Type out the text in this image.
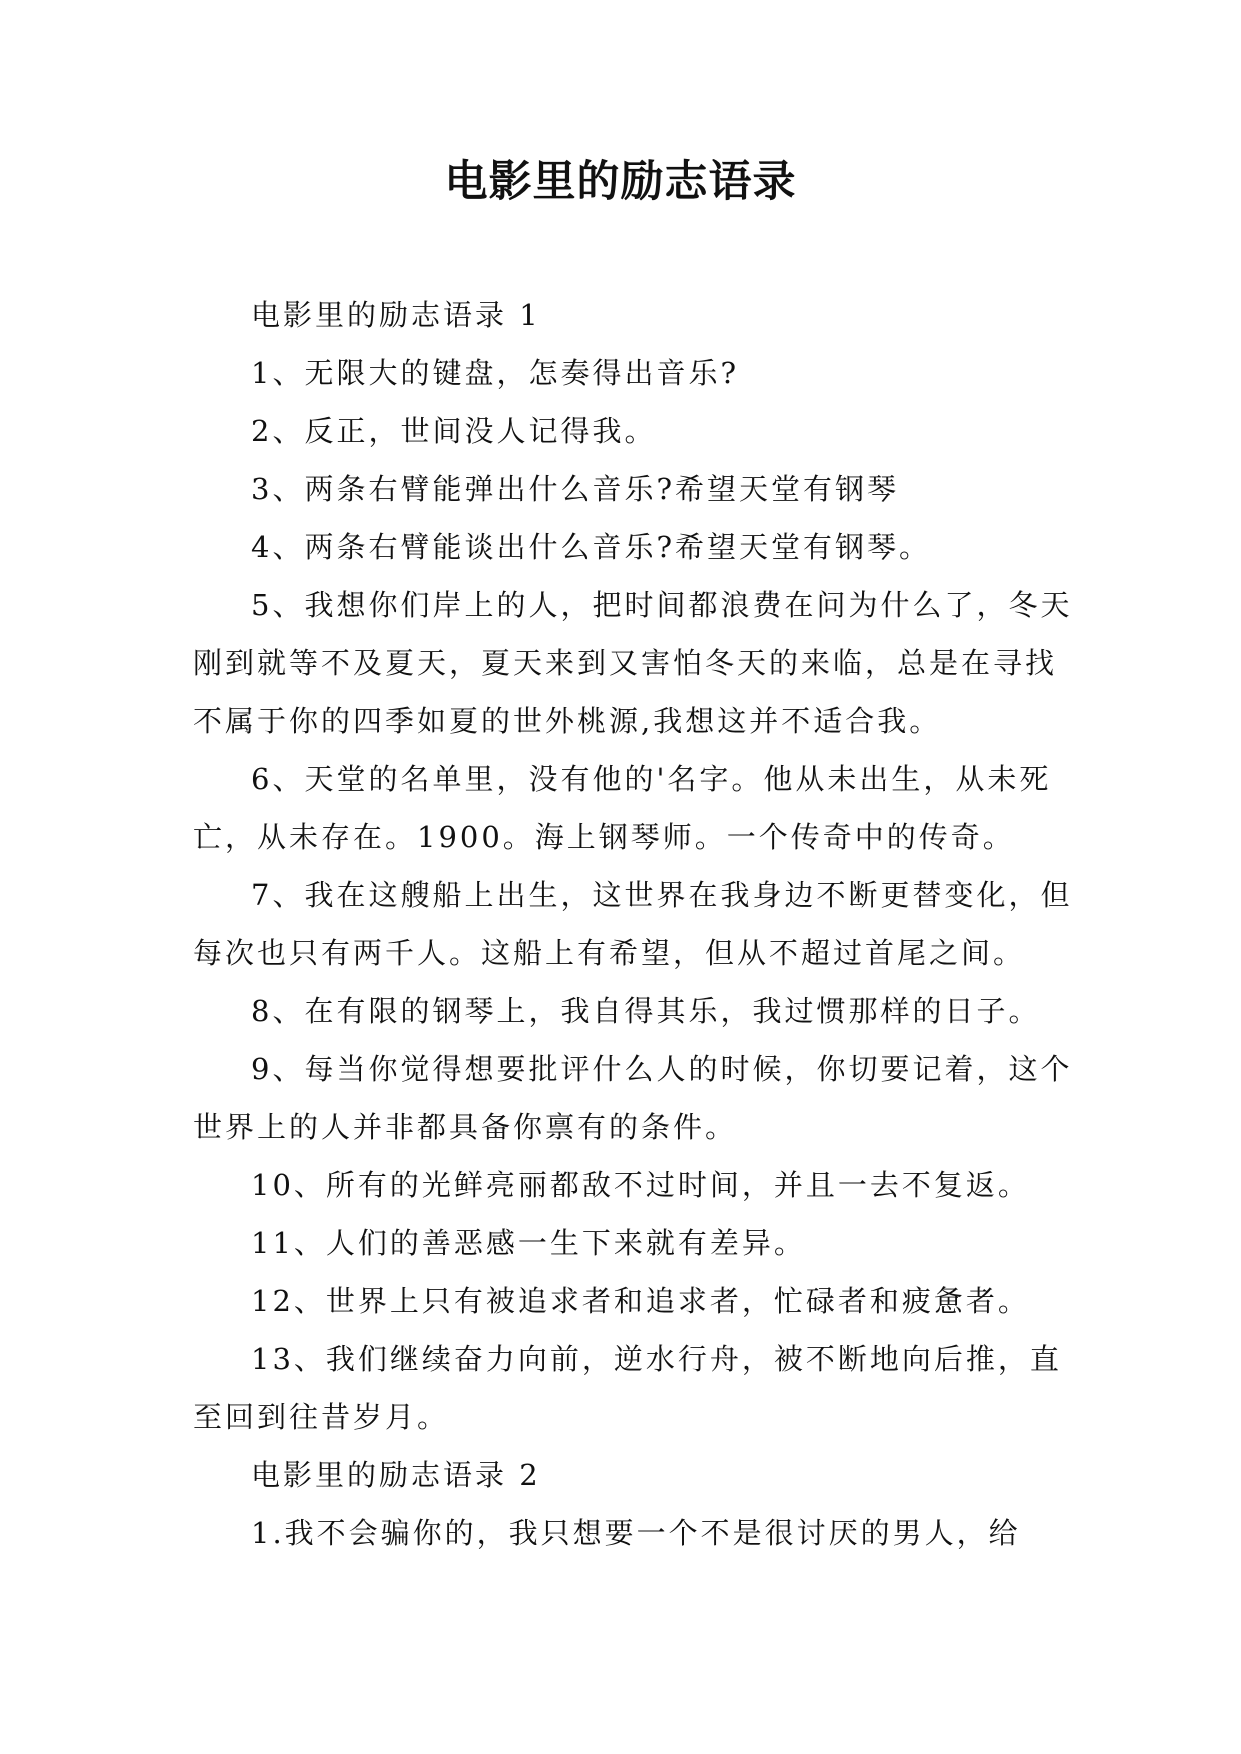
电影里的励志语录

电影里的励志语录 1

1、无限大的键盘，怎奏得出音乐?

2、反正，世间没人记得我。

3、两条右臂能弹出什么音乐?希望天堂有钢琴

4、两条右臂能谈出什么音乐?希望天堂有钢琴。

5、我想你们岸上的人，把时间都浪费在问为什么了，冬天刚到就等不及夏天，夏天来到又害怕冬天的来临，总是在寻找不属于你的四季如夏的世外桃源,我想这并不适合我。

6、天堂的名单里，没有他的'名字。他从未出生，从未死亡，从未存在。1900。海上钢琴师。一个传奇中的传奇。

7、我在这艘船上出生，这世界在我身边不断更替变化，但每次也只有两千人。这船上有希望，但从不超过首尾之间。

8、在有限的钢琴上，我自得其乐，我过惯那样的日子。

9、每当你觉得想要批评什么人的时候，你切要记着，这个世界上的人并非都具备你禀有的条件。

10、所有的光鲜亮丽都敌不过时间，并且一去不复返。

11、人们的善恶感一生下来就有差异。

12、世界上只有被追求者和追求者，忙碌者和疲惫者。

13、我们继续奋力向前，逆水行舟，被不断地向后推，直至回到往昔岁月。

电影里的励志语录 2

1.我不会骗你的，我只想要一个不是很讨厌的男人，给
